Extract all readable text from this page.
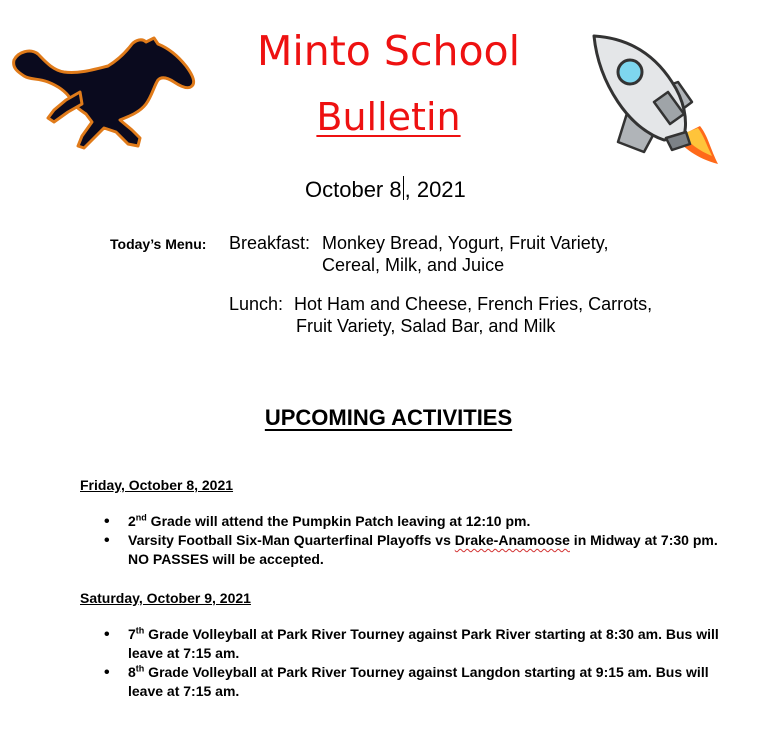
Minto School
Bulletin
October 8 , 2021
Today’s Menu: Breakfast: Monkey Bread, Yogurt, Fruit Variety,
Cereal, Milk, and Juice
Lunch: Hot Ham and Cheese, French Fries, Carrots,
Fruit Variety, Salad Bar, and Milk
UPCOMING ACTIVITIES
Friday, October 8, 2021
• 2nd Grade will attend the Pumpkin Patch leaving at 12:10 pm.
• Varsity Football Six-Man Quarterfinal Playoffs vs Drake-Anamoose in Midway at 7:30 pm. NO PASSES will be accepted.
Saturday, October 9, 2021
• 7th Grade Volleyball at Park River Tourney against Park River starting at 8:30 am. Bus will leave at 7:15 am.
• 8th Grade Volleyball at Park River Tourney against Langdon starting at 9:15 am. Bus will leave at 7:15 am.
